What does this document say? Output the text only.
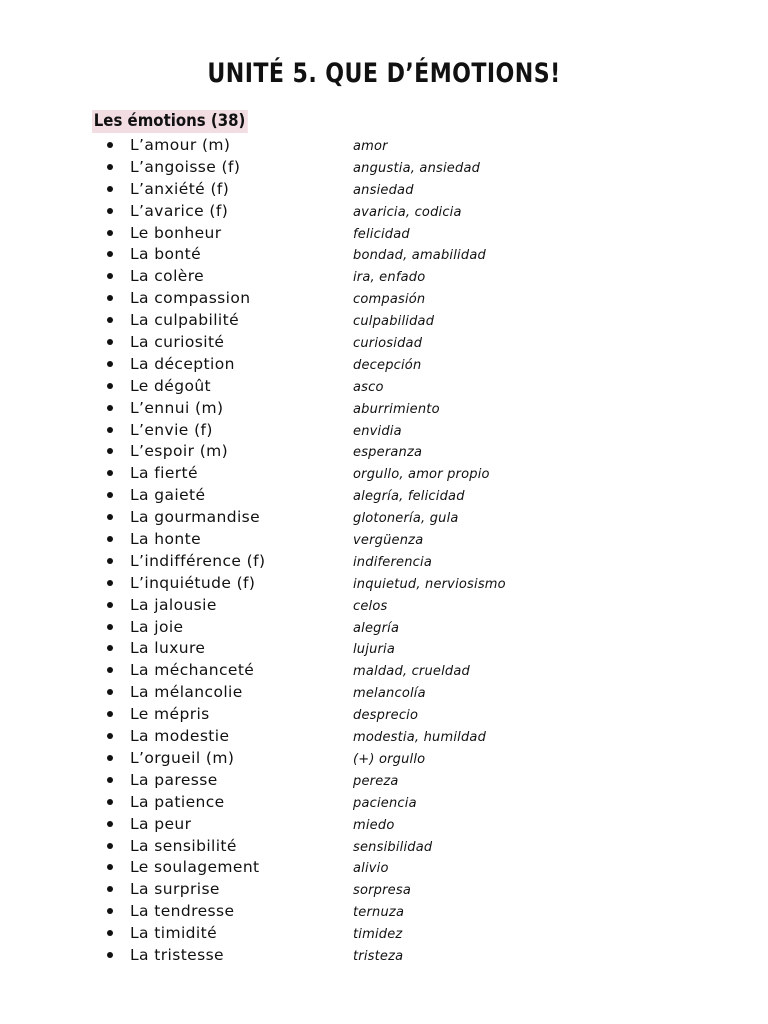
UNITÉ 5. QUE D’ÉMOTIONS!
Les émotions (38)
L’amour (m)	amor
L’angoisse (f)	angustia, ansiedad
L’anxiété (f)	ansiedad
L’avarice (f)	avaricia, codicia
Le bonheur	felicidad
La bonté	bondad, amabilidad
La colère	ira, enfado
La compassion	compasión
La culpabilité	culpabilidad
La curiosité	curiosidad
La déception	decepción
Le dégoût	asco
L’ennui (m)	aburrimiento
L’envie (f)	envidia
L’espoir (m)	esperanza
La fierté	orgullo, amor propio
La gaieté	alegría, felicidad
La gourmandise	glotonería, gula
La honte	vergüenza
L’indifférence (f)	indiferencia
L’inquiétude (f)	inquietud, nerviosismo
La jalousie	celos
La joie	alegría
La luxure	lujuria
La méchanceté	maldad, crueldad
La mélancolie	melancolía
Le mépris	desprecio
La modestie	modestia, humildad
L’orgueil (m)	(+) orgullo
La paresse	pereza
La patience	paciencia
La peur	miedo
La sensibilité	sensibilidad
Le soulagement	alivio
La surprise	sorpresa
La tendresse	ternuza
La timidité	timidez
La tristesse	tristeza
